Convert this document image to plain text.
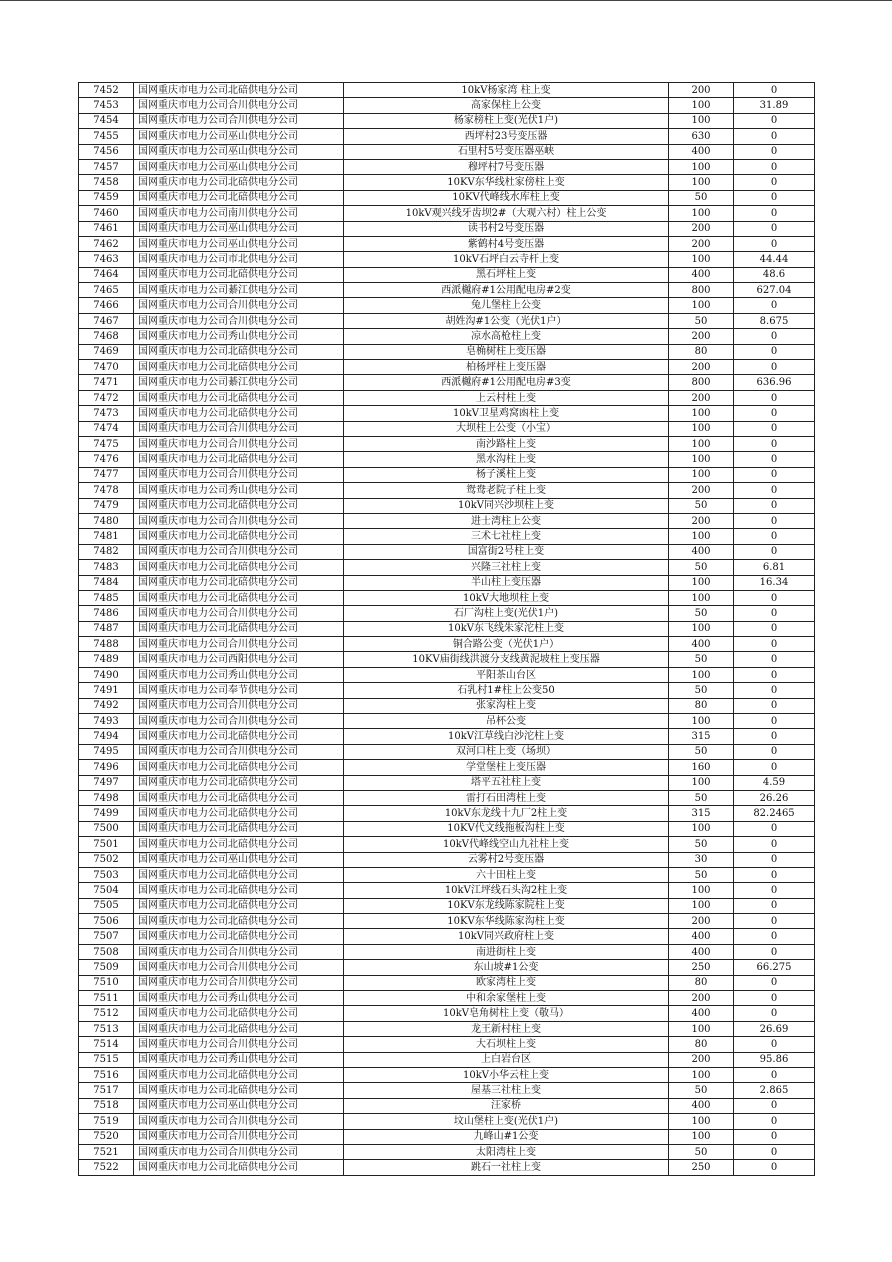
7452	国网重庆市电力公司北碚供电分公司	10kV杨家湾 柱上变	200	0
7453	国网重庆市电力公司合川供电分公司	高家保柱上公变	100	31.89
7454	国网重庆市电力公司合川供电分公司	杨家榜柱上变(光伏1户)	100	0
7455	国网重庆市电力公司巫山供电分公司	西坪村23号变压器	630	0
7456	国网重庆市电力公司巫山供电分公司	石里村5号变压器巫峡	400	0
7457	国网重庆市电力公司巫山供电分公司	穆坪村7号变压器	100	0
7458	国网重庆市电力公司北碚供电分公司	10KV东华线杜家傍柱上变	100	0
7459	国网重庆市电力公司北碚供电分公司	10KV代峰线水库柱上变	50	0
7460	国网重庆市电力公司南川供电分公司	10kV观兴线牙齿坝2#（大观六村）柱上公变	100	0
7461	国网重庆市电力公司巫山供电分公司	读书村2号变压器	200	0
7462	国网重庆市电力公司巫山供电分公司	紫鹤村4号变压器	200	0
7463	国网重庆市电力公司市北供电分公司	10kV石坪白云寺杆上变	100	44.44
7464	国网重庆市电力公司北碚供电分公司	黑石坪柱上变	400	48.6
7465	国网重庆市电力公司綦江供电分公司	西派樾府#1公用配电房#2变	800	627.04
7466	国网重庆市电力公司合川供电分公司	兔儿堡柱上公变	100	0
7467	国网重庆市电力公司合川供电分公司	胡姓沟#1公变（光伏1户）	50	8.675
7468	国网重庆市电力公司秀山供电分公司	凉水高枪柱上变	200	0
7469	国网重庆市电力公司北碚供电分公司	皂桷树柱上变压器	80	0
7470	国网重庆市电力公司北碚供电分公司	柏杨坪柱上变压器	200	0
7471	国网重庆市电力公司綦江供电分公司	西派樾府#1公用配电房#3变	800	636.96
7472	国网重庆市电力公司北碚供电分公司	上云村柱上变	200	0
7473	国网重庆市电力公司北碚供电分公司	10kV卫星鸡窝凼柱上变	100	0
7474	国网重庆市电力公司合川供电分公司	大坝柱上公变（小宝）	100	0
7475	国网重庆市电力公司合川供电分公司	南沙路柱上变	100	0
7476	国网重庆市电力公司北碚供电分公司	黑水沟柱上变	100	0
7477	国网重庆市电力公司合川供电分公司	杨子溪柱上变	100	0
7478	国网重庆市电力公司秀山供电分公司	鸳鸯老院子柱上变	200	0
7479	国网重庆市电力公司北碚供电分公司	10kV同兴沙坝柱上变	50	0
7480	国网重庆市电力公司合川供电分公司	进士湾柱上公变	200	0
7481	国网重庆市电力公司北碚供电分公司	三术七社柱上变	100	0
7482	国网重庆市电力公司合川供电分公司	国富街2号柱上变	400	0
7483	国网重庆市电力公司北碚供电分公司	兴隆三社柱上变	50	6.81
7484	国网重庆市电力公司北碚供电分公司	半山柱上变压器	100	16.34
7485	国网重庆市电力公司北碚供电分公司	10kV大地坝柱上变	100	0
7486	国网重庆市电力公司合川供电分公司	石厂沟柱上变(光伏1户)	50	0
7487	国网重庆市电力公司北碚供电分公司	10kV东飞线朱家沱柱上变	100	0
7488	国网重庆市电力公司合川供电分公司	铜合路公变（光伏1户）	400	0
7489	国网重庆市电力公司西阳供电分公司	10KV庙街线洪渡分支线黄泥坡柱上变压器	50	0
7490	国网重庆市电力公司秀山供电分公司	平阳茶山台区	100	0
7491	国网重庆市电力公司奉节供电分公司	石乳村1#柱上公变50	50	0
7492	国网重庆市电力公司合川供电分公司	张家沟柱上变	80	0
7493	国网重庆市电力公司合川供电分公司	吊杯公变	100	0
7494	国网重庆市电力公司北碚供电分公司	10kV江草线白沙沱柱上变	315	0
7495	国网重庆市电力公司合川供电分公司	双河口柱上变（场坝）	50	0
7496	国网重庆市电力公司北碚供电分公司	学堂堡柱上变压器	160	0
7497	国网重庆市电力公司北碚供电分公司	塔平五社柱上变	100	4.59
7498	国网重庆市电力公司北碚供电分公司	雷打石田湾柱上变	50	26.26
7499	国网重庆市电力公司北碚供电分公司	10kV东龙线十九厂2柱上变	315	82.2465
7500	国网重庆市电力公司北碚供电分公司	10KV代文线拖板沟柱上变	100	0
7501	国网重庆市电力公司北碚供电分公司	10kV代峰线空山九社柱上变	50	0
7502	国网重庆市电力公司巫山供电分公司	云雾村2号变压器	30	0
7503	国网重庆市电力公司北碚供电分公司	六十田柱上变	50	0
7504	国网重庆市电力公司北碚供电分公司	10kV江坪线石头沟2柱上变	100	0
7505	国网重庆市电力公司北碚供电分公司	10KV东龙线陈家院柱上变	100	0
7506	国网重庆市电力公司北碚供电分公司	10KV东华线陈家沟柱上变	200	0
7507	国网重庆市电力公司北碚供电分公司	10kV同兴政府柱上变	400	0
7508	国网重庆市电力公司合川供电分公司	南进街柱上变	400	0
7509	国网重庆市电力公司合川供电分公司	东山坡#1公变	250	66.275
7510	国网重庆市电力公司合川供电分公司	欧家湾柱上变	80	0
7511	国网重庆市电力公司秀山供电分公司	中和余家堡柱上变	200	0
7512	国网重庆市电力公司北碚供电分公司	10kV皂角树柱上变（敬马）	400	0
7513	国网重庆市电力公司北碚供电分公司	龙王新村柱上变	100	26.69
7514	国网重庆市电力公司合川供电分公司	大石坝柱上变	80	0
7515	国网重庆市电力公司秀山供电分公司	上白岩台区	200	95.86
7516	国网重庆市电力公司北碚供电分公司	10kV小华云柱上变	100	0
7517	国网重庆市电力公司北碚供电分公司	屋基三社柱上变	50	2.865
7518	国网重庆市电力公司巫山供电分公司	汪家桥	400	0
7519	国网重庆市电力公司合川供电分公司	坟山堡柱上变(光伏1户)	100	0
7520	国网重庆市电力公司合川供电分公司	九峰山#1公变	100	0
7521	国网重庆市电力公司合川供电分公司	太阳湾柱上变	50	0
7522	国网重庆市电力公司北碚供电分公司	跳石一社柱上变	250	0
